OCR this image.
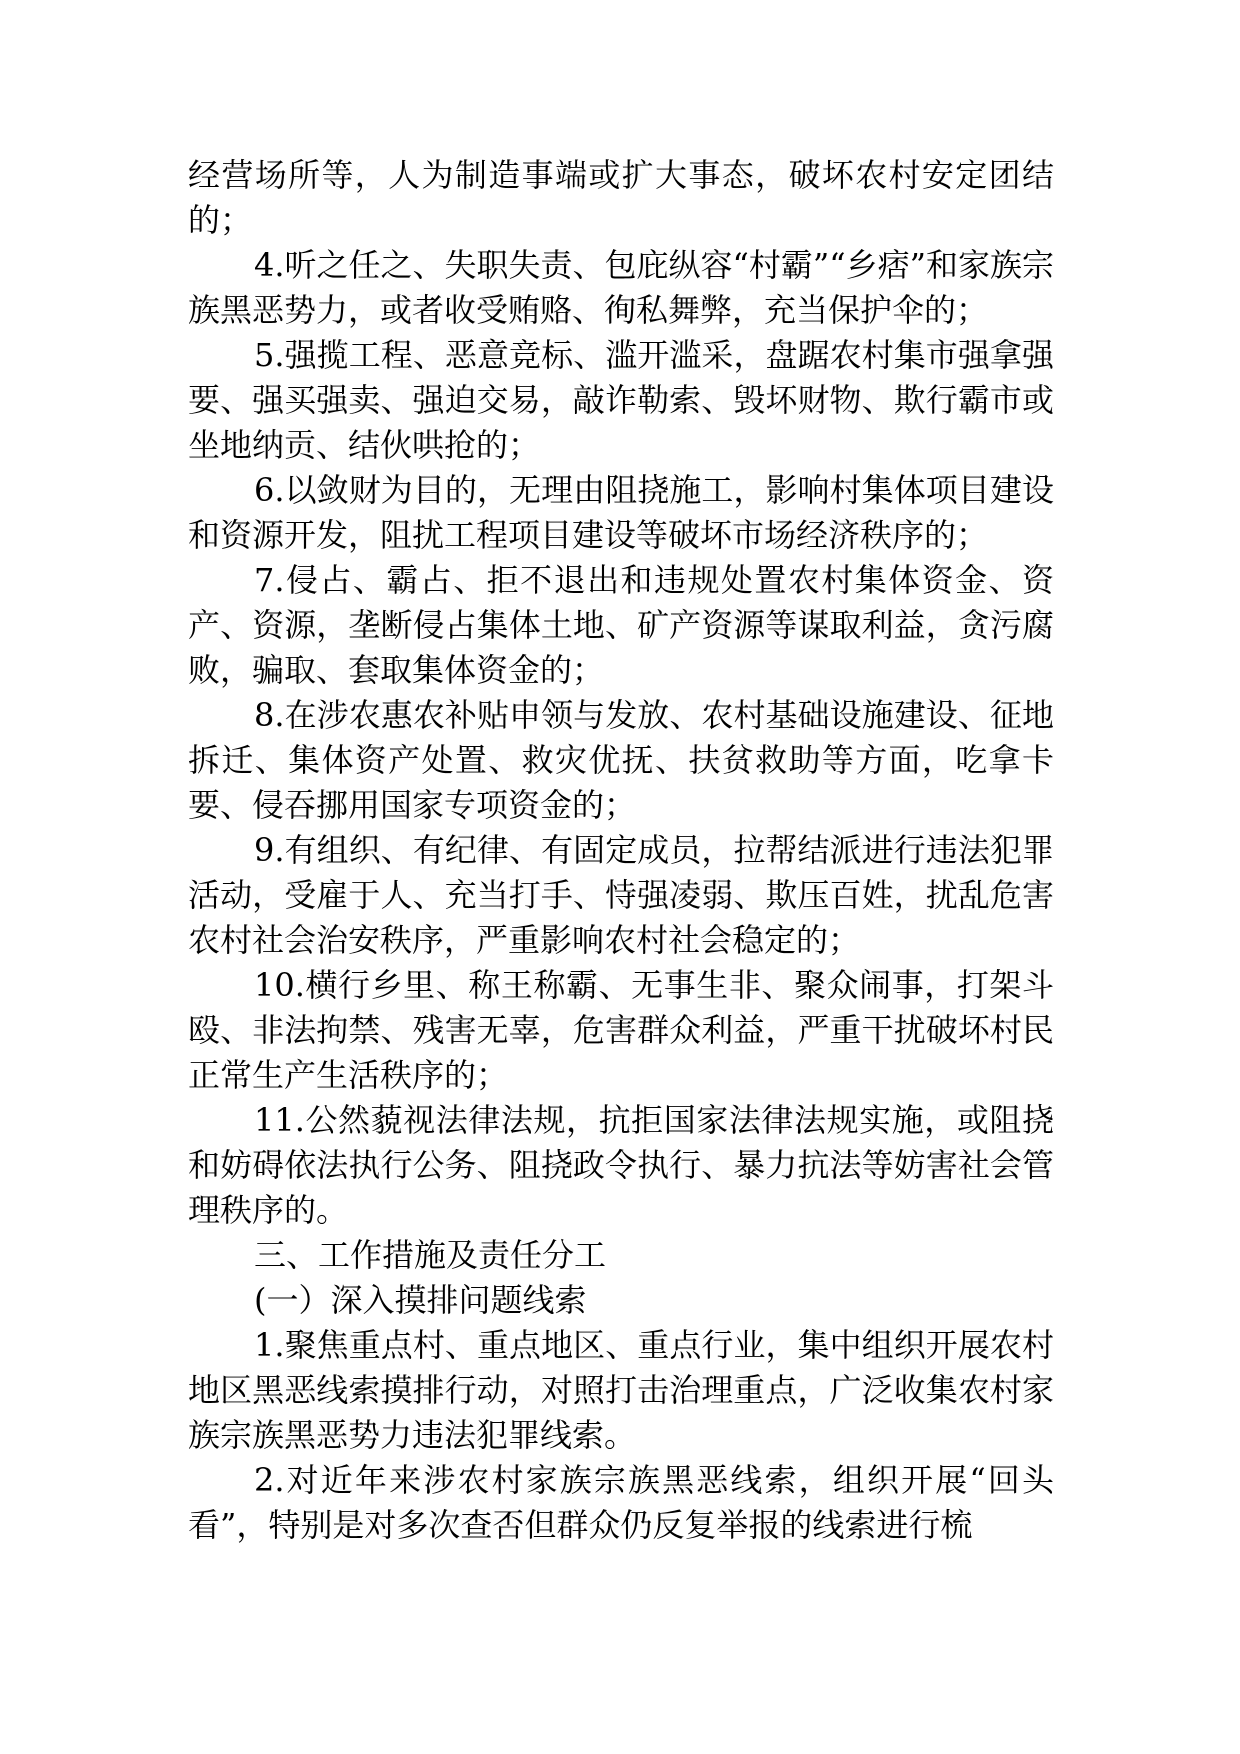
经营场所等，人为制造事端或扩大事态，破坏农村安定团结的；

4.听之任之、失职失责、包庇纵容“村霸”“乡痞”和家族宗族黑恶势力，或者收受贿赂、徇私舞弊，充当保护伞的；

5.强揽工程、恶意竞标、滥开滥采，盘踞农村集市强拿强要、强买强卖、强迫交易，敲诈勒索、毁坏财物、欺行霸市或坐地纳贡、结伙哄抢的；

6.以敛财为目的，无理由阻挠施工，影响村集体项目建设和资源开发，阻扰工程项目建设等破坏市场经济秩序的；

7.侵占、霸占、拒不退出和违规处置农村集体资金、资产、资源，垄断侵占集体土地、矿产资源等谋取利益，贪污腐败，骗取、套取集体资金的；

8.在涉农惠农补贴申领与发放、农村基础设施建设、征地拆迁、集体资产处置、救灾优抚、扶贫救助等方面，吃拿卡要、侵吞挪用国家专项资金的；

9.有组织、有纪律、有固定成员，拉帮结派进行违法犯罪活动，受雇于人、充当打手、恃强凌弱、欺压百姓，扰乱危害农村社会治安秩序，严重影响农村社会稳定的；

10.横行乡里、称王称霸、无事生非、聚众闹事，打架斗殴、非法拘禁、残害无辜，危害群众利益，严重干扰破坏村民正常生产生活秩序的；

11.公然藐视法律法规，抗拒国家法律法规实施，或阻挠和妨碍依法执行公务、阻挠政令执行、暴力抗法等妨害社会管理秩序的。

三、工作措施及责任分工

(一）深入摸排问题线索

1.聚焦重点村、重点地区、重点行业，集中组织开展农村地区黑恶线索摸排行动，对照打击治理重点，广泛收集农村家族宗族黑恶势力违法犯罪线索。

2.对近年来涉农村家族宗族黑恶线索，组织开展“回头看”，特别是对多次查否但群众仍反复举报的线索进行梳
